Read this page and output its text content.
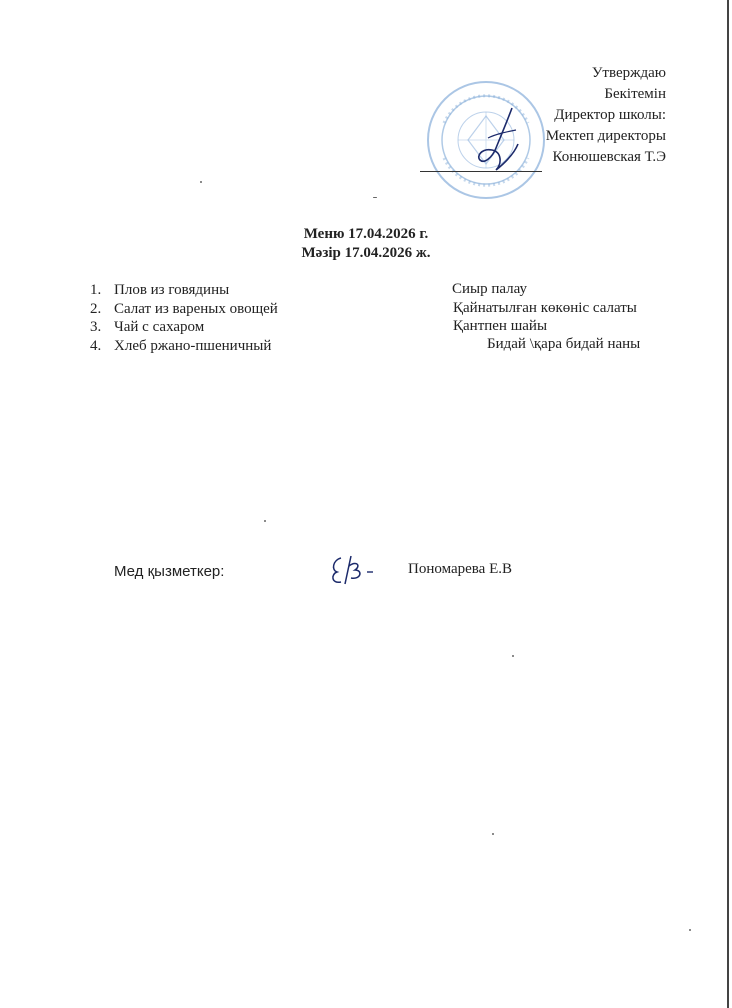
Утверждаю
Бекітемін
Директор школы:
Мектеп директоры
Конюшевская Т.Э
Меню 17.04.2026 г.
Мәзір 17.04.2026 ж.
1. Плов из говядины
2. Салат из вареных овощей
3. Чай с сахаром
4. Хлеб ржано-пшеничный
Сиыр палау
Қайнатылған көкөніс салаты
Қантпен шайы
Бидай \қара бидай наны
Мед қызметкер:	Пономарева Е.В
